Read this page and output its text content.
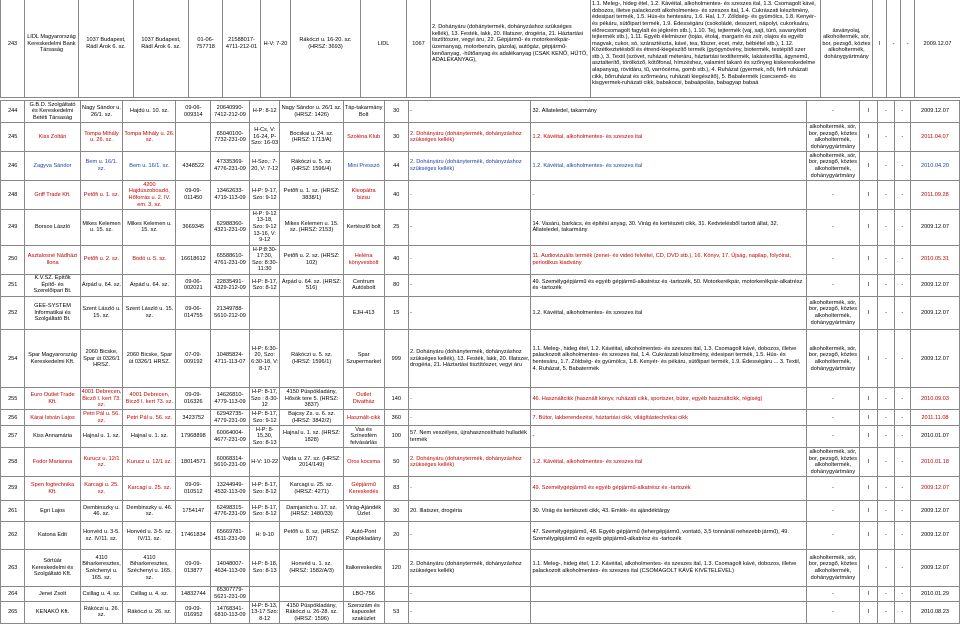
243	LIDL Magyarország Kereskedelmi Bank Társaság	1037 Budapest, Rádl Árok 6. sz.	1037 Budapest, Rádl Árok 6. sz.	01-06-757718	21588017-4711-212-01	H-V: 7-20	Rákóczi u. 16-20. sz. (HRSZ: 3693)	LIDL	1067	2. Dohányáru (dohánytermék, dohányzáshoz szükséges kellék), 13. Festék, lakk, 20. Illatszer, drogéria, 21. Háztartási tisztítószer, vegyi áru, 22. Gépjármű- és motorkerékpár-üzemanyag, motorbenzin, gázolaj, autógáz, gépjármű-kenőanyag, -hűtőanyag és adalékanyag (CSAK KENŐ, HŰTŐ, ADALÉKANYAG),	1.1. Meleg-, hideg étel, 1.2. Kávéital, alkoholmentes- és szeszes ital, 1.3. Csomagolt kávé, dobozos, illetve palackozott alkoholmentes- és szeszes ital, 1.4. Cukrászati készítmény, édesipari termék, 1.5. Hús-és hentesáru, 1.6. Hal, 1.7. Zöldség- és gyümölcs, 1.8. Kenyér- és pékáru, sütőipari termék, 1.9. Édességáru (csokoládé, desszert, nápolyi, cukorkaáru, előrecsomagolt fagylalt és jégkrém stb.), 1.10. Tej, tejtermék (vaj, sajt, túró, savanyított tejtermék stb.), 1.11. Egyéb élelmiszer (tojás, étolaj, margarin és zsír, olajos és egyéb magvak, cukor, só, száraztészta, kávé, tea, fűszer, ecet, méz, bébiétel stb.), 1.12. Közétkeztetésből és étrend-kiegészítő termék (gyógynövény, biotermék, testépítő szer stb.), 3. Textil (szövet, ruházati méteráru, háztartási textiltermék, lakástextília, ágynemű, asztalterítő, törölköző, kötőfonal, hímzéshez, valamint takaró és szőnyeg kiskereskedelme alapanyag, rövidáru, tű, varrócérna, gomb stb.), 4. Ruházat (gyermek, női, férfi ruházati cikk, bőrruházat és szőrmeáru, ruházati kiegészítő), 5. Babatermék (csecsemő- és kisgyermek-ruházati cikk, babakocsi, babaápolás, babagyap babaá	ásványolaj, alkoholtermék, sör, bor, pezsgő, köztes alkoholtermék, dohánygyártmány	I	-	-	2009.12.07
244	G.B.D. Szolgáltató és Kereskedelmi Betéti Társaság	Nagy Sándor u. 26/1. sz.	Hajdú u. 10. sz.	09-06-009314	20640990-7412-212-09	H-P: 8-12	Nagy Sándor u. 26/1 sz. (HRSZ: 1426)	Táp-takarmány Bolt	30	-	32. Állateledel, takarmány	-	I	-	-	2009.12.07
245	Kiss Zoltán	Tompa Mihály u. 26. sz.	Tompa Mihály u. 26. sz.		65040100-7732-231-09	H-Cs, V: 16-24, P-Szo: 16-03	Bocskai u. 24. sz. (HRSZ: 1713/A)	Szoléna Klub	30	2. Dohányáru (dohánytermék, dohányzáshoz szükséges kellék)	1.2. Kávéital, alkoholmentes- és szeszes ital	alkoholtermék, sör, bor, pezsgő, köztes alkoholtermék, dohánygyártmány	I	-	-	2011.04.07
246	Zagyva Sándor	Bem u. 16/1. sz.	Bem u. 16/1. sz.	4348522	47335369-4776-231-09	H-Szo.: 7-20, V: 7-12	Rákóczi u. 5. sz. (HRSZ: 1596/4)	Mini Presszó	44	2. Dohányáru (dohánytermék, dohányzáshoz szükséges kellék)	1.2. Kávéital, alkoholmentes- és szeszes ital	alkoholtermék, sör, bor, pezsgő, köztes alkoholtermék, dohánygyártmány	I	-	-	2010.04.20
248	Griff Trade Kft.	Petőfi u. 1. sz.	4200 Hajdúszoboszló, Hőforrás u. 2. IV. em. 3. sz.	09-09-011450	13462633-4719-113-09	H-P: 9-17, Szo: 9-12	Petőfi u. 1. sz. (HRSZ: 3838/1)	Kleopátra bizsu	40	-	-	-	I	-	-	2011.09.28
249	Borsos László	Mikes Kelemen u. 15. sz.	Mikes Kelemen u. 15. sz.	3669345	62988360-4321-231-09	H-P: 9-12 13-18, Szo: 9-12 13-16, V: 9-12	Mikes Kelemen u. 15. sz. (HRSZ: 2153)	Kertészlő bolt	25	-	14. Vasáru, barkács, és építési anyag, 30. Virág és kertészeti cikk, 31. Kedvtelésből tartott állat, 32. Állateledel, takarmány	-	I	-	-	2009.12.07
250	Asztalosné Nádházi Ilona	Petőfi u. 2. sz.	Bodó u. 5. sz.	16618612	65588610-4761-231-09	H-P:8:30-17:30, Szo: 8:30-11:30	Petőfi u. 2. sz. (HRSZ: 102)	Heléna könyvesbolt	40	-	11. Audiovizuális termék (zenei- és videó felvétel, CD, DVD stb.), 16. Könyv, 17. Újság, napilap, folyóirat, periodikus kiadvány	-	I	-	-	2010.05.31
251	K.V.SZ. Építők Építő- és Szerelőipari Bt.	Árpád u. 64. sz.	Árpád u. 64. sz.	09-06-002021	22835491-4329-212-09	H-P: 8-17, Szo: 8-12	Árpád u. 64. sz. (HRSZ: 516)	Centrum Autósbolt	80	-	49. Személygépjármű és egyéb gépjármű-alkatrész és -tartozék, 50. Motorkerékpár, motorkerékpár-alkatrész és -tartozék	-	I	-	-	2009.12.07
252	GEE-SYSTEM Informatikai és Szolgáltató Bt.	Szent László u. 15. sz.	Szent László u. 15. sz.	09-06-014755	21349788-5610-212-09			EJH-413	15	-	1.2. Kávéital, alkoholmentes- és szeszes ital	alkoholtermék, sör, bor, pezsgő, köztes alkoholtermék, dohánygyártmány	I	-	-	2009.12.07
254	Spar Magyarország Kereskedelmi Kft.	2060 Bicske, Spar út 0326/1 HRSZ.	2060 Bicske, Spar út 0326/1 HRSZ.	07-09-009192	10485824-4711-113-07	H-P: 6:30-20, Szo: 6:30-18, V: 8-17	Rákóczi u. 5. sz. (HRSZ: 1596/1)	Spar Szupermarket	999	2. Dohányáru (dohánytermék, dohányzáshoz szükséges kellék), 13. Festék, lakk, 20. Illatszer, drogéria, 21. Háztartási tisztítószer, vegyi áru	1.1. Meleg-, hideg étel, 1.2. Kávéital, alkoholmentes- és szeszes ital, 1.3. Csomagolt kávé, dobozos, illetve palackozott alkoholmentes- és szeszes ital, 1.4. Cukrászati készítmény, édesipari termék, 1.5. Hús- és hentesáru, 1.7. Zöldség- és gyümölcs, 1.8. Kenyér- és pékáru, sütőipari termék, 1.9. Édességáru ... 3. Textil, 4. Ruházat, 5. Babatermék	alkoholtermék, sör, bor, pezsgő, köztes alkoholtermék, dohánygyártmány	I	-	-	2009.12.07
255	Euro Outlet Trade Kft.	4001 Debrecen, Bicző I. kert 73. sz.	4001 Debrecen, Bicző I. kert 73. sz.	09-09-016326	14626810-4779-113-09	H-P: 8-17, Szo : 8-30-12	4150 Püspökladány, Hősök tere 5. (HRSZ: 3837)	Outlet Divatház	140	-	46. Használtcikk (használt könyv, ruházati cikk, sportszer, bútor, egyéb használtcikk, régiség)	-	I	-	-	2010.09.03
256	Kárai István Lajos	Petri Pál u. 56. sz.	Petri Pál u. 56. sz.	3423752	62942735-4779-231-09	H-P: 8-17, Szo: 9-12	Bajcsy Zs. u. 6. sz. (HRSZ: 3842/2)	Használt-cikk	360	-	7. Bútor, lakberendezési, háztartási cikk, világítástechnikai cikk	-	I	-	-	2011.11.08
257	Kiss Annamária	Hajnal u. 1. sz.	Hajnal u. 1. sz.	17968898	60064004-4677-231-09	H-P: 8-15,30, Szo: 8-13	Hajnal u. 1. sz. (HRSZ: 1828)	Vas és Színesfém felvásárlás	100	57. Nem veszélyes, újrahasznosítható hulladék termék	-	-	I	-	-	2010.01.07
258	Fodor Marianna	Kurucz u. 12/1 sz.	Kurucz u. 12/1 sz.	18014571	60068314-5610-231-09	H-V: 10-22	Vajda u. 27. sz. (HRSZ: 2014/149)	Oros kocsma	50	2. Dohányáru (dohánytermék, dohányzáshoz szükséges kellék)	1.2. Kávéital, alkoholmentes- és szeszes ital	alkoholtermék, sör, bor, pezsgő, köztes alkoholtermék, dohánygyártmány	I	-	-	2010.01.18
259	Spen fogtechnika Kft.	Karcagi u. 25. sz.	Karcagi u. 25. sz.	09-09-010512	13244949-4532-113-09	H-P: 8-17, Szo: 8-12	Karcagi u. 25. sz. (HRSZ: 4271)	Gépjármű Kereskedés	83	-	49. Személygépjármű és egyéb gépjármű-alkatrész és -tartozék	-	I	-	-	2009.12.07
261	Egri Lajos	Dembinszky u. 46. sz.	Dembinszky u. 46. sz.	1754147	62498315-4776-231-09	H-P: 8-17, Szo: 8-12	Damjanich u. 17. sz. (HRSZ: 1480/33)	Virág-Ajándék Üzlet	30	20. Illatszer, drogéria	30. Virág és kertészeti cikk, 43. Emlék- és ajándéktárgy	-	I	-	-	2009.12.07
262	Katona Edit	Honvéd u. 3-5. sz. IV/11. sz.	Honvéd u. 3-5. sz. IV/11. sz.	17461834	65669781-4511-231-09	H: 9-10	Petőfi u. 8. sz. (HRSZ: 107)	Autó-Pont Püspökladány	20	-	47. Személygépjármű, 48. Egyéb gépjármű (tehergépjármű, vontató, 3,5 tonnánál nehezebb jármű), 49. Személygépjármű és egyéb gépjármű-alkatrész és -tartozék	-	I	-	-	2009.12.07
263	Sörtúár Kereskedelmi és Szolgáltató Kft.	4110 Biharkeresztes, Széchenyi u. 165. sz.	4110 Biharkeresztes, Széchenyi u. 165. sz.	09-09-013877	14048007-4634-113-09	H-P: 8-18, Szo: 8-13	Honvéd u. 1. sz. (HRSZ: 1582/A/3)	Italkereskedés	120	2. Dohányáru (dohánytermék, dohányzáshoz szükséges kellék)	1.1. Meleg-, hideg étel, 1.2. Kávéital, alkoholmentes- és szeszes ital, 1.3. Csomagolt kávé, dobozos, illetve palackozott alkoholmentes- és szeszes ital (CSOMAGOLT KÁVÉ KIVÉTELÉVEL)	alkoholtermék, sör, bor, pezsgő, köztes alkoholtermék, dohánygyártmány	I	-	-	2009.12.07
264	Jenei Zsolt	Csillag u. 4. sz.	Csillag u. 4. sz.	14832744	65307779-5621-231-09			LBO-756		-		-	I	-	-	2010.01.29
265	KENAKÓ Kft.	Rákóczi u. 26. sz.	Rákóczi u. 26. sz.	09-09-016952	14768341-6810-113-09	H-P: 8-13, 13-17 Szo: 8-12	4150 Püspökladány, Rákóczi u. 26-28. sz. (HRSZ: 1596)	Szerszám és kapuoslet szaküzlet	53	-		-	I	-	-	2010.08.23
